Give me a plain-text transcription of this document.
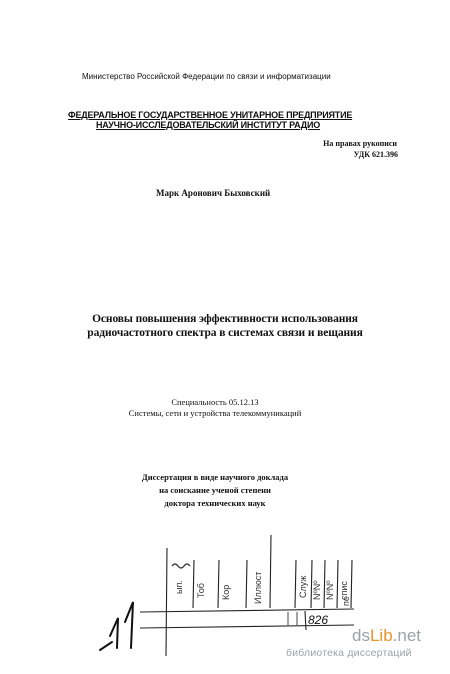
Министерство Российской Федерации по связи и информатизации
ФЕДЕРАЛЬНОЕ ГОСУДАРСТВЕННОЕ УНИТАРНОЕ ПРЕДПРИЯТИЕ
НАУЧНО-ИССЛЕДОВАТЕЛЬСКИЙ ИНСТИТУТ РАДИО
На правах рукописи
УДК 621.396
Марк Аронович Быховский
Основы повышения эффективности использования
радиочастотного спектра в системах связи и вещания
Специальность 05.12.13
Системы, сети и устройства телекоммуникаций
Диссертация в виде научного доклада
на соискание ученой степени
доктора технических наук
ып. Тоб Кор Иллюст	Служ NºNº NºNº спис
пс
826
dsLib.net
библиотека диссертаций
